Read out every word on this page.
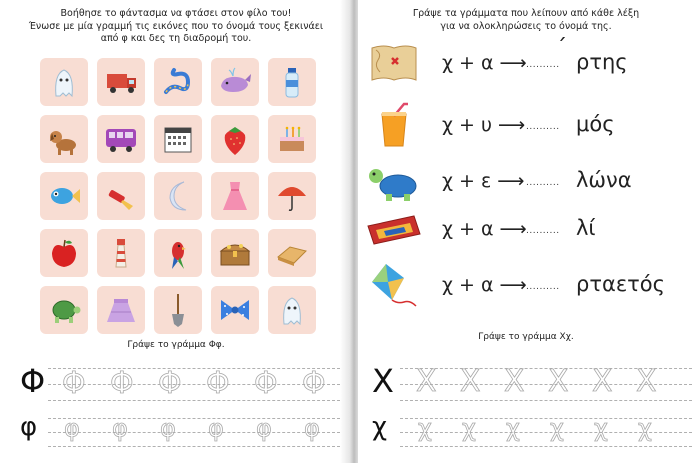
Βοήθησε το φάντασμα να φτάσει στον φίλο του!
Ένωσε με μία γραμμή τις εικόνες που το όνομά τους ξεκινάει
από φ και δες τη διαδρομή του.
Γράψε το γράμμα Φφ.
Φ Φ Φ Φ Φ Φ Φ
φ φ φ φ φ φ φ
Γράψε τα γράμματα που λείπουν από κάθε λέξη
για να ολοκληρώσεις το όνομά της.
χ + α ⟶ ..........
΄
ρτης
χ + υ ⟶ .......... μός
χ + ε ⟶ .......... λώνα
χ + α ⟶ .......... λί
χ + α ⟶ .......... ρταετός
Γράψε το γράμμα Χχ.
Χ Χ Χ Χ Χ Χ Χ
χ χ χ χ χ χ χ
